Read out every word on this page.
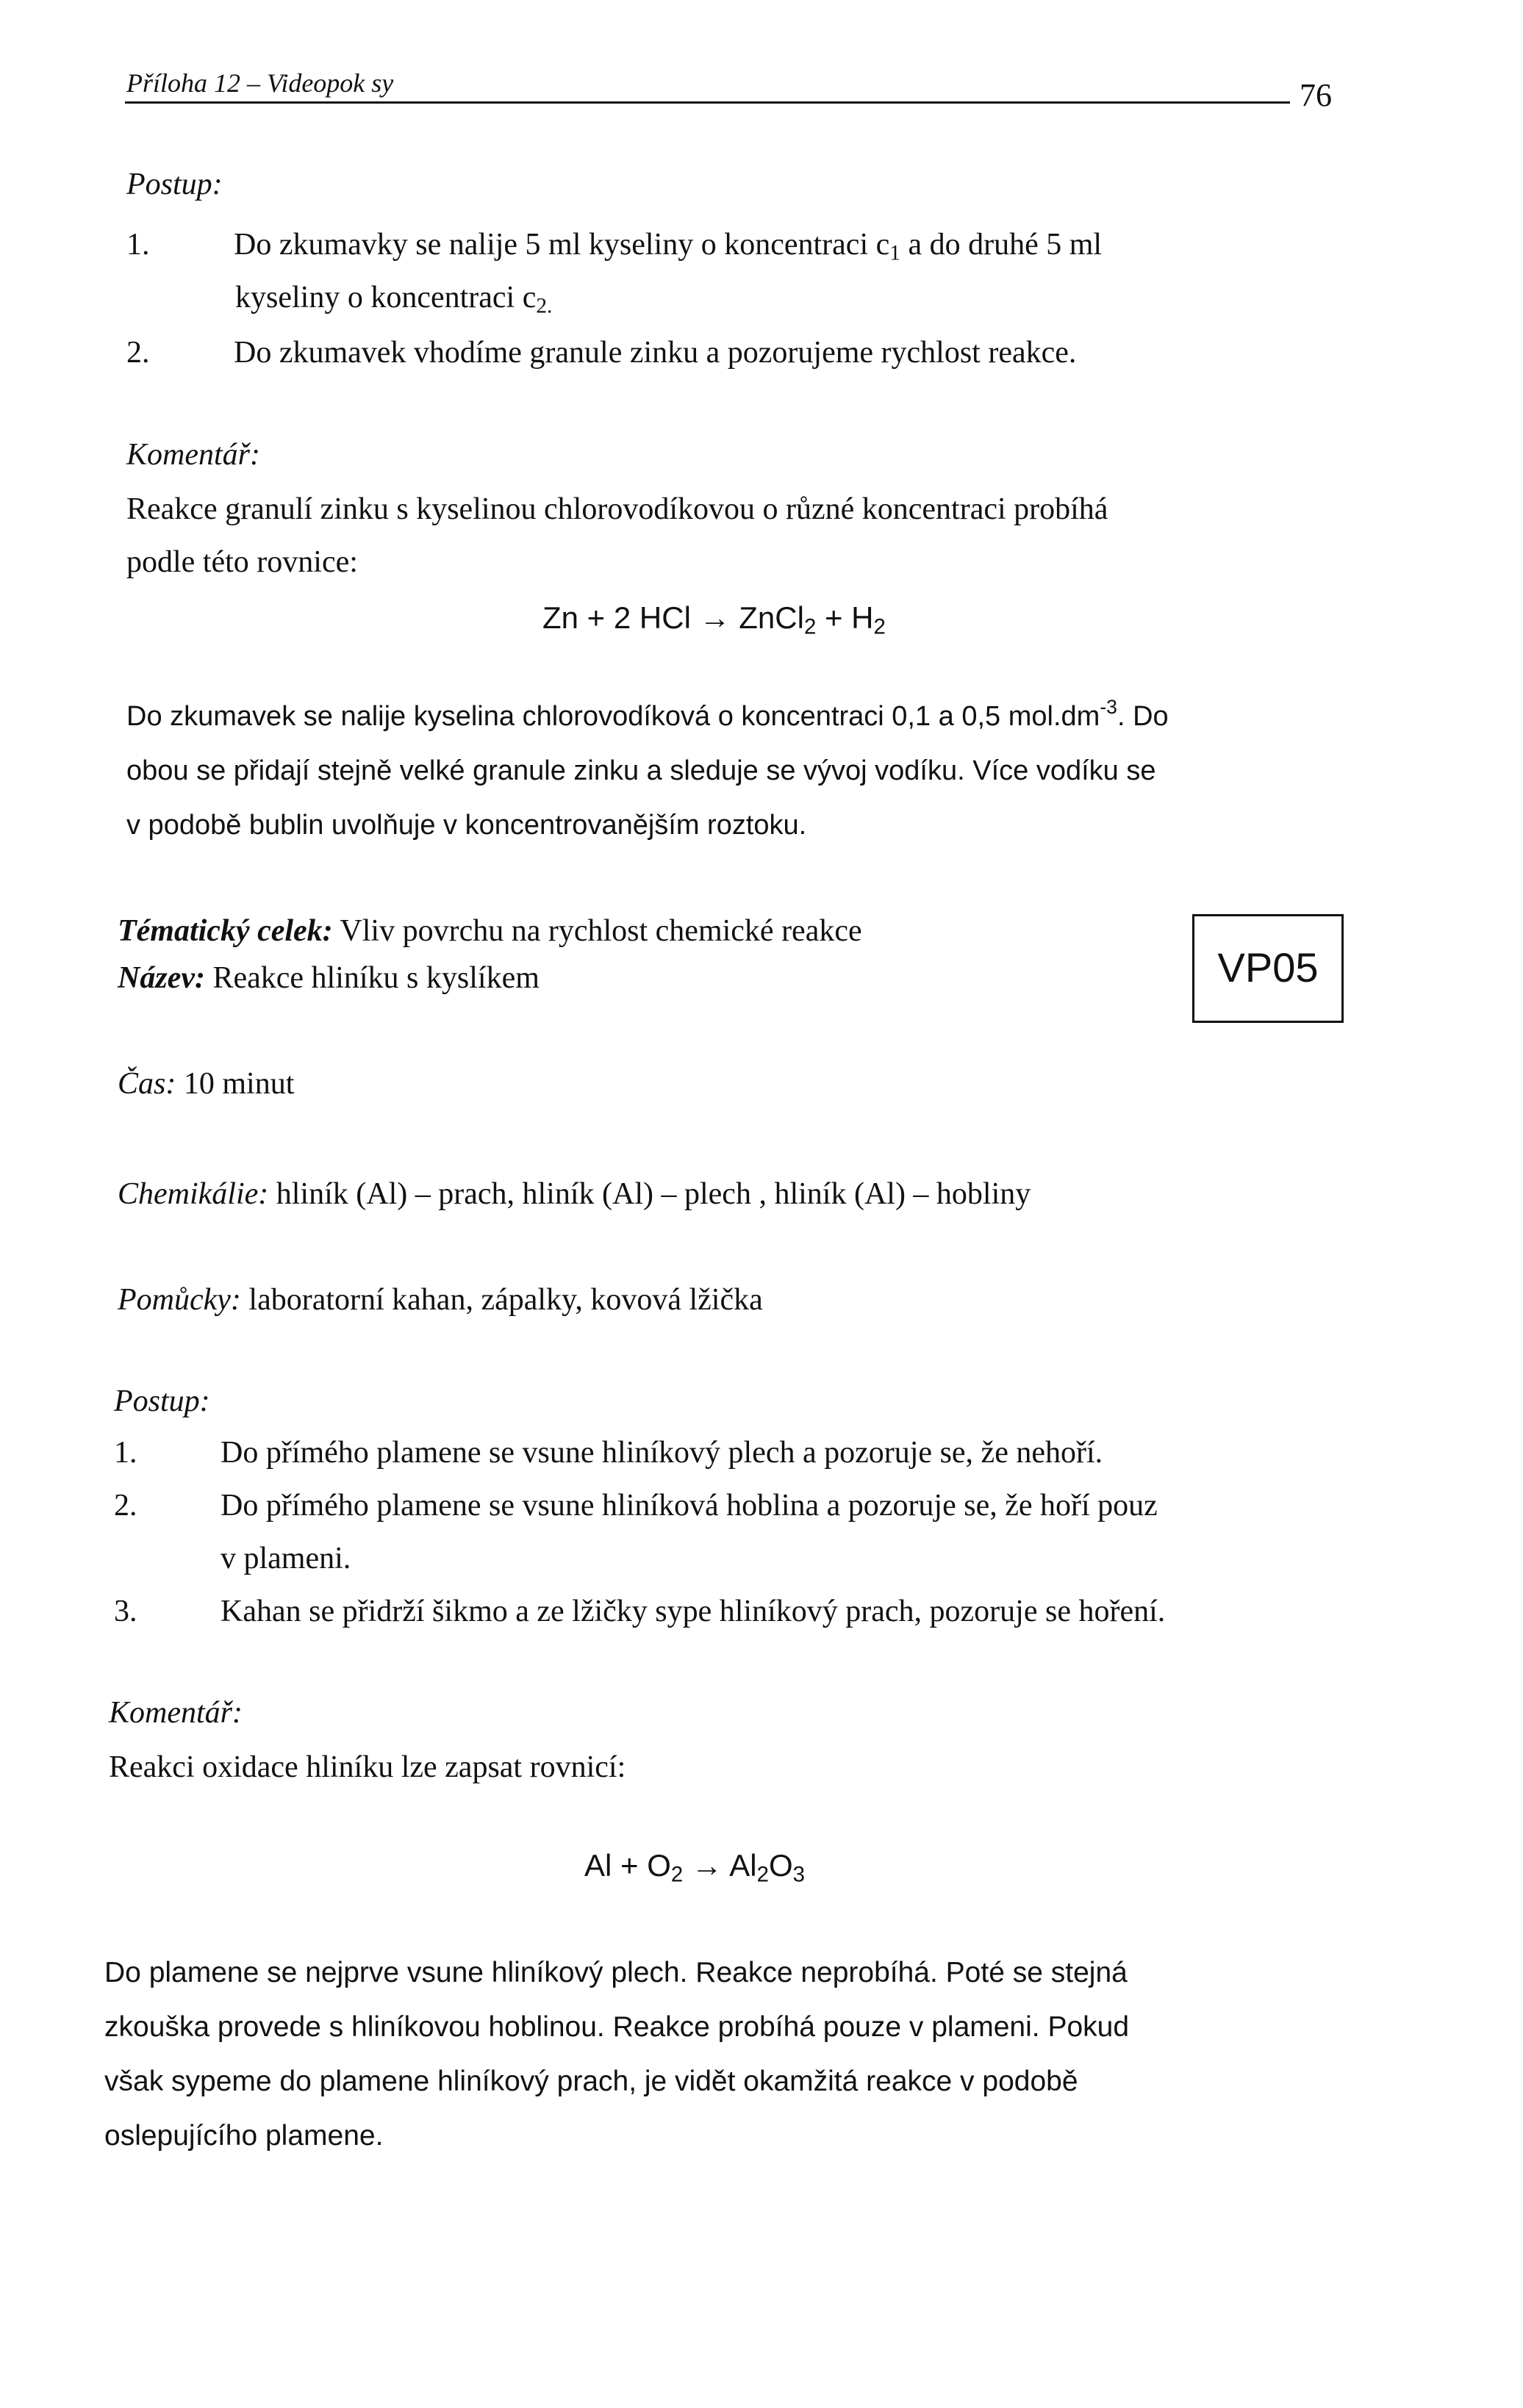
Příloha 12 – Videopok sy	76
Postup:
1.	Do zkumavky se nalije 5 ml kyseliny o koncentraci $c_1$ a do druhé 5 ml
kyseliny o koncentraci $c_{2.}$
2.	Do zkumavek vhodíme granule zinku a pozorujeme rychlost reakce.
Komentář:
Reakce granulí zinku s kyselinou chlorovodíkovou o různé koncentraci probíhá
podle této rovnice:
Zn + 2 HCl → ZnCl$_2$ + $H_2$
Do zkumavek se nalije kyselina chlorovodíková o koncentraci 0,1 a 0,5 $mol.dm^{-3}$. Do
obou se přidají stejně velké granule zinku a sleduje se vývoj vodíku. Více vodíku se
v podobě bublin uvolňuje v koncentrovanějším roztoku.
Tématický celek: Vliv povrchu na rychlost chemické reakce
Název: Reakce hliníku s kyslíkem	VP05
Čas: 10 minut
Chemikálie: hliník (Al) – prach, hliník (Al) – plech , hliník (Al) – hobliny
Pomůcky: laboratorní kahan, zápalky, kovová lžička
Postup:
1.	Do přímého plamene se vsune hliníkový plech a pozoruje se, že nehoří.
2.	Do přímého plamene se vsune hliníková hoblina a pozoruje se, že hoří pouz
v plameni.
3.	Kahan se přidrží šikmo a ze lžičky sype hliníkový prach, pozoruje se hoření.
Komentář:
Reakci oxidace hliníku lze zapsat rovnicí:
$Al + O_2 \to Al_2O_3$
Do plamene se nejprve vsune hliníkový plech. Reakce neprobíhá. Poté se stejná
zkouška provede s hliníkovou hoblinou. Reakce probíhá pouze v plameni. Pokud
však sypeme do plamene hliníkový prach, je vidět okamžitá reakce v podobě
oslepujícího plamene.
